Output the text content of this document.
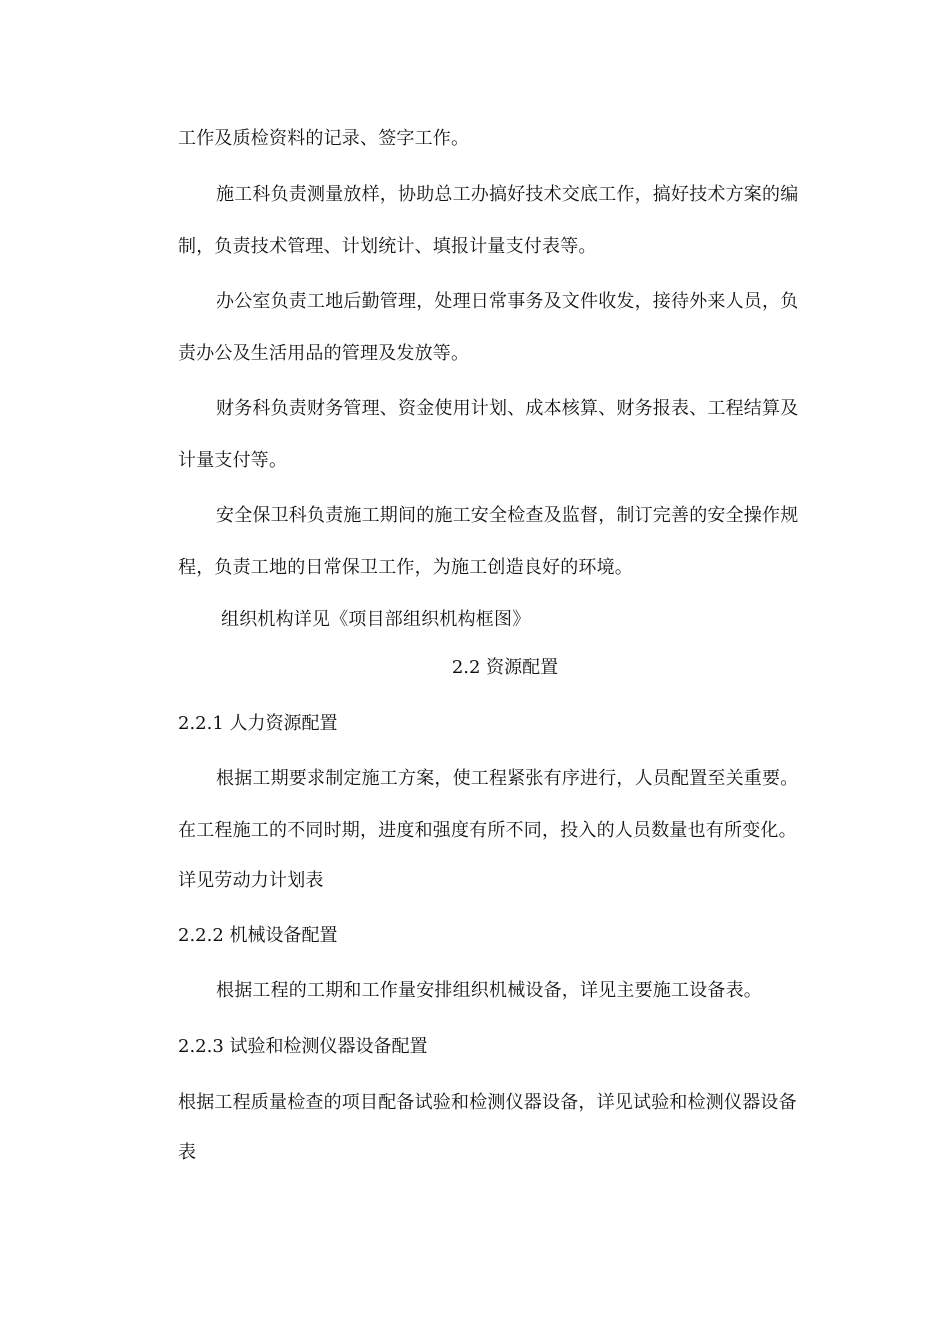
工作及质检资料的记录、签字工作。
施工科负责测量放样，协助总工办搞好技术交底工作，搞好技术方案的编
制，负责技术管理、计划统计、填报计量支付表等。
办公室负责工地后勤管理，处理日常事务及文件收发，接待外来人员，负
责办公及生活用品的管理及发放等。
财务科负责财务管理、资金使用计划、成本核算、财务报表、工程结算及
计量支付等。
安全保卫科负责施工期间的施工安全检查及监督，制订完善的安全操作规
程，负责工地的日常保卫工作，为施工创造良好的环境。
组织机构详见《项目部组织机构框图》
2.2 资源配置
2.2.1 人力资源配置
根据工期要求制定施工方案，使工程紧张有序进行，人员配置至关重要。
在工程施工的不同时期，进度和强度有所不同，投入的人员数量也有所变化。
详见劳动力计划表
2.2.2 机械设备配置
根据工程的工期和工作量安排组织机械设备，详见主要施工设备表。
2.2.3 试验和检测仪器设备配置
根据工程质量检查的项目配备试验和检测仪器设备，详见试验和检测仪器设备
表
